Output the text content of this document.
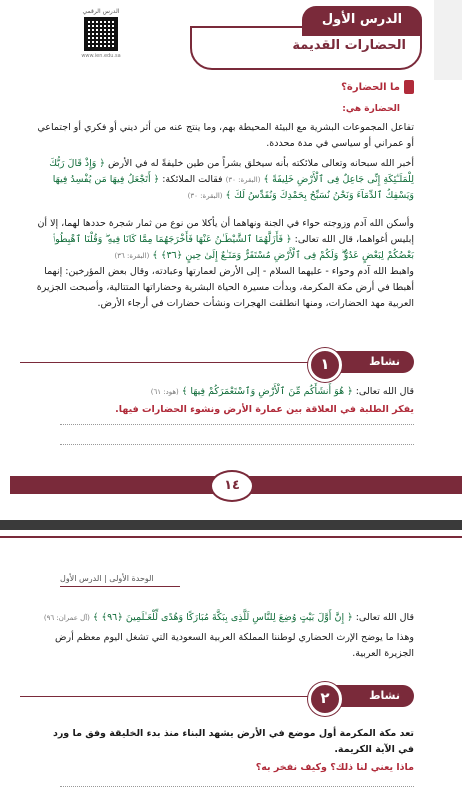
الدرس الرقمي
www.ien.edu.sa
الدرس الأول
الحضارات القديمة
ما الحضارة؟
الحضارة هي:
تفاعل المجموعات البشرية مع البيئة المحيطة بهم، وما ينتج عنه من أثر ديني أو فكري أو اجتماعي أو عمراني أو سياسي في مدة محددة.
أخبر الله سبحانه وتعالى ملائكته بأنه سيخلق بشراً من طين خليفةً له في الأرض ﴿ وَإِذْ قَالَ رَبُّكَ لِلْمَلَـٰٓئِكَةِ إِنِّى جَاعِلٌ فِى ٱلْأَرْضِ خَلِيفَةً ﴾ (البقرة: ٣٠) فقالت الملائكة: ﴿ أَتَجْعَلُ فِيهَا مَن يُفْسِدُ فِيهَا وَيَسْفِكُ ٱلدِّمَآءَ وَنَحْنُ نُسَبِّحُ بِحَمْدِكَ وَنُقَدِّسُ لَكَ ﴾ (البقرة: ٣٠)
وأسكن الله آدم وزوجته حواء في الجنة ونهاهما أن يأكلا من نوع من ثمار شجرة حددها لهما، إلا أن إبليس أغواهما، قال الله تعالى: ﴿ فَأَزَلَّهُمَا ٱلشَّيْطَـٰنُ عَنْهَا فَأَخْرَجَهُمَا مِمَّا كَانَا فِيهِ ۖ وَقُلْنَا ٱهْبِطُوا۟ بَعْضُكُمْ لِبَعْضٍ عَدُوٌّ ۖ وَلَكُمْ فِى ٱلْأَرْضِ مُسْتَقَرٌّ وَمَتَـٰعٌ إِلَىٰ حِينٍ ﴿٣٦﴾ ﴾ (البقرة: ٣٦)
واهبط الله آدم وحواء - عليهما السلام - إلى الأرض لعمارتها وعبادته، وقال بعض المؤرخين: إنهما أهبطا في أرض مكة المكرمة، وبدأت مسيرة الحياة البشرية وحضاراتها المتتالية، وأصبحت الجزيرة العربية مهد الحضارات، ومنها انطلقت الهجرات ونشأت حضارات في أرجاء الأرض.
نشاط
١
قال الله تعالى: ﴿ هُوَ أَنشَأَكُم مِّنَ ٱلْأَرْضِ وَٱسْتَعْمَرَكُمْ فِيهَا ﴾ (هود: ٦١)
يفكر الطلبة في العلاقة بين عمارة الأرض ونشوء الحضارات فيها.
١٤
الوحدة الأولى | الدرس الأول
قال الله تعالى: ﴿ إِنَّ أَوَّلَ بَيْتٍ وُضِعَ لِلنَّاسِ لَلَّذِى بِبَكَّةَ مُبَارَكًا وَهُدًى لِّلْعَـٰلَمِينَ ﴿٩٦﴾ ﴾ (آل عمران: ٩٦)
وهذا ما يوضح الإرث الحضاري لوطننا المملكة العربية السعودية التي تشغل اليوم معظم أرض الجزيرة العربية.
نشاط
٢
تعد مكة المكرمة أول موضع في الأرض يشهد البناء منذ بدء الخليقة وفق ما ورد في الآية الكريمة.
ماذا يعني لنا ذلك؟ وكيف نفخر به؟
